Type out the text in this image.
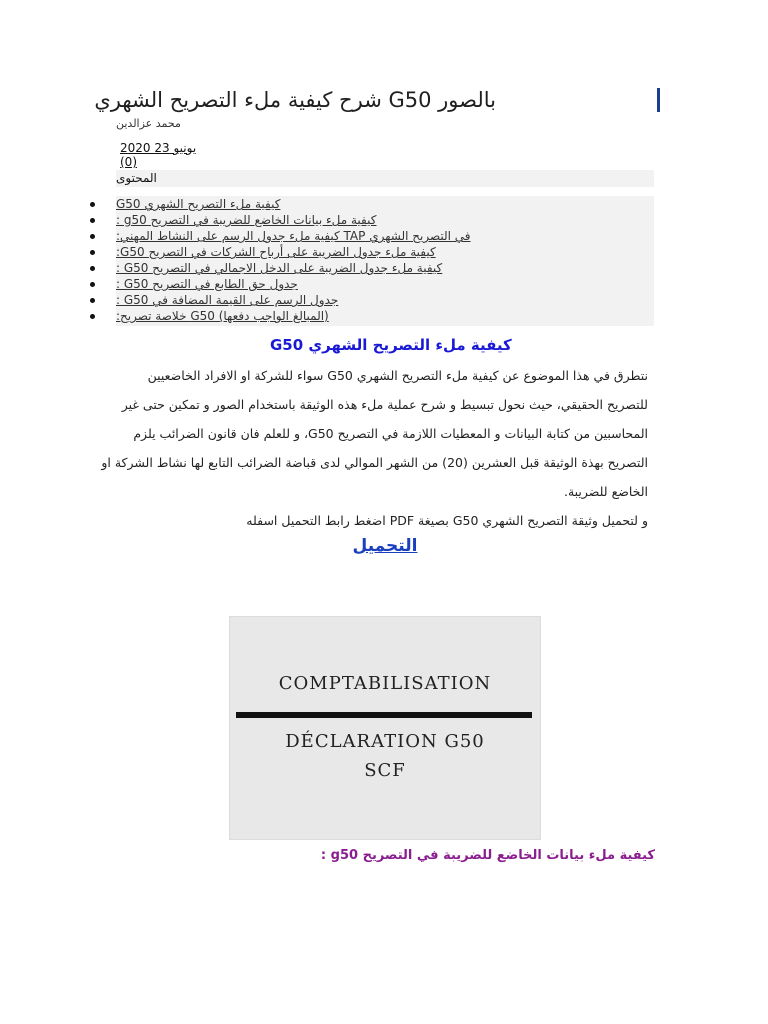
بالصور G50 شرح كيفية ملء التصريح الشهري
محمد عزالدين
يونيو 23 2020
(0)
المحتوى
G50 كيفية ملء التصريح الشهري
: g50 كيفية ملء بيانات الخاضع للضريبة في التصريح
في التصريح الشهري TAP كيفية ملء جدول الرسم على النشاط المهني:
:G50 كيفية ملء جدول الضريبة على أرباح الشركات في التصريح
: G50 كيفية ملء جدول الضريبة على الدخل الاجمالي في التصريح
: G50 جدول حق الطابع في التصريح
: G50 جدول الرسم على القيمة المضافة في
(المبالغ الواجب دفعها) G50 خلاصة تصريح:
G50 كيفية ملء التصريح الشهري
نتطرق في هذا الموضوع عن كيفية ملء التصريح الشهري G50 سواء للشركة او الافراد الخاضعيين
للتصريح الحقيقي، حيث نحول تبسيط و شرح عملية ملء هذه الوثيقة باستخدام الصور و تمكين حتى غير
المحاسبين من كتابة البيانات و المعطيات اللازمة في التصريح G50، و للعلم فان قانون الضرائب يلزم
التصريح بهذة الوثيقة قبل العشرين (20) من الشهر الموالي لدى قباضة الضرائب التابع لها نشاط الشركة او
الخاضع للضريبة.
و لتحميل وثيقة التصريح الشهري G50 بصيغة PDF اضغط رابط التحميل اسفله
التحميل
COMPTABILISATION
DÉCLARATION G50
SCF
كيفية ملء بيانات الخاضع للضريبة في التصريح g50 :
